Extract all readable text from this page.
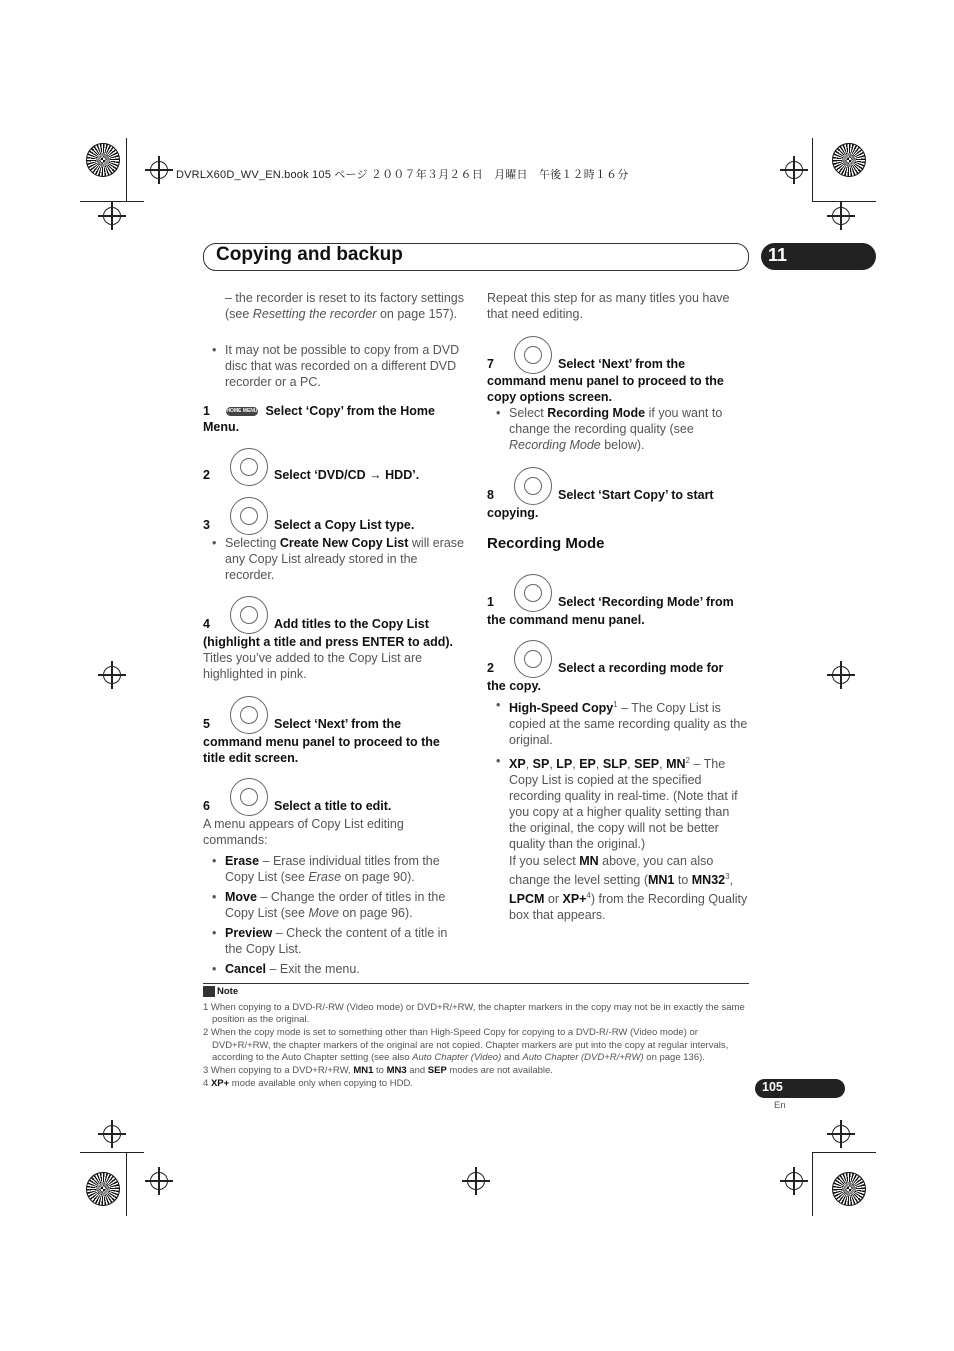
DVRLX60D_WV_EN.book 105 ページ ２００７年３月２６日　月曜日　午後１２時１６分
Copying and backup	11

– the recorder is reset to its factory settings (see Resetting the recorder on page 157).

• It may not be possible to copy from a DVD disc that was recorded on a different DVD recorder or a PC.

1	HOME MENU Select ‘Copy’ from the Home Menu.
2	Select ‘DVD/CD → HDD’.
3	Select a Copy List type.

• Selecting Create New Copy List will erase any Copy List already stored in the recorder.

4	Add titles to the Copy List
(highlight a title and press ENTER to add).

Titles you’ve added to the Copy List are highlighted in pink.

5	Select ‘Next’ from the
command menu panel to proceed to the title edit screen.
6	Select a title to edit.

A menu appears of Copy List editing commands:

• Erase – Erase individual titles from the Copy List (see Erase on page 90).

• Move – Change the order of titles in the Copy List (see Move on page 96).

• Preview – Check the content of a title in the Copy List.

• Cancel – Exit the menu.

Repeat this step for as many titles you have that need editing.

7	Select ‘Next’ from the
command menu panel to proceed to the copy options screen.

• Select Recording Mode if you want to change the recording quality (see Recording Mode below).

8	Select ‘Start Copy’ to start
copying.
Recording Mode
1	Select ‘Recording Mode’ from
the command menu panel.
2	Select a recording mode for
the copy.

• High-Speed Copy$^1$ – The Copy List is copied at the same recording quality as the original.

• XP, SP, LP, EP, SLP, SEP, $MN^2$ – The Copy List is copied at the specified recording quality in real-time. (Note that if you copy at a higher quality setting than the original, the copy will not be better quality than the original.)

If you select MN above, you can also change the level setting (MN1 to $MN32^3$, LPCM or XP+$^4$) from the Recording Quality box that appears.

Note

1 When copying to a DVD-R/-RW (Video mode) or DVD+R/+RW, the chapter markers in the copy may not be in exactly the same position as the original.

2 When the copy mode is set to something other than High-Speed Copy for copying to a DVD-R/-RW (Video mode) or DVD+R/+RW, the chapter markers of the original are not copied. Chapter markers are put into the copy at regular intervals, according to the Auto Chapter setting (see also Auto Chapter (Video) and Auto Chapter (DVD+R/+RW) on page 136).

3 When copying to a DVD+R/+RW, MN1 to MN3 and SEP modes are not available.

4 XP+ mode available only when copying to HDD.	105
En
